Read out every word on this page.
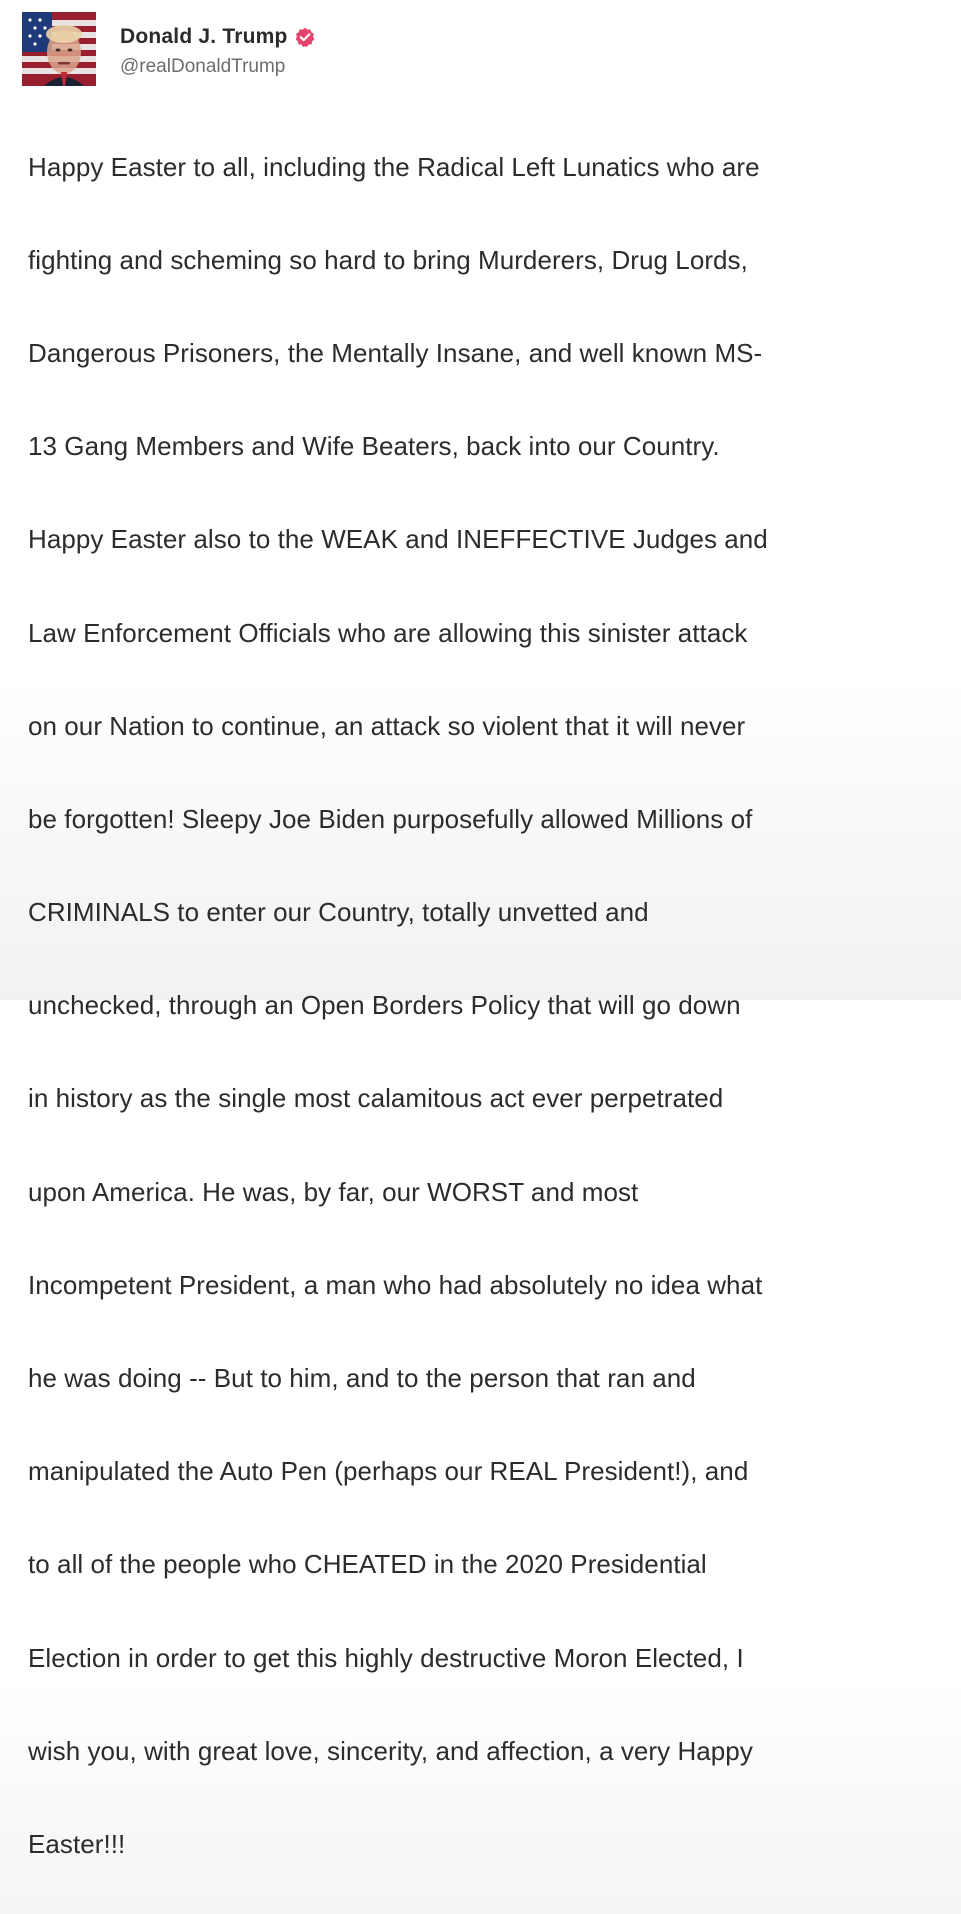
Donald J. Trump
@realDonaldTrump

Happy Easter to all, including the Radical Left Lunatics who are

fighting and scheming so hard to bring Murderers, Drug Lords,

Dangerous Prisoners, the Mentally Insane, and well known MS-

13 Gang Members and Wife Beaters, back into our Country.

Happy Easter also to the WEAK and INEFFECTIVE Judges and

Law Enforcement Officials who are allowing this sinister attack

on our Nation to continue, an attack so violent that it will never

be forgotten! Sleepy Joe Biden purposefully allowed Millions of

CRIMINALS to enter our Country, totally unvetted and

unchecked, through an Open Borders Policy that will go down

in history as the single most calamitous act ever perpetrated

upon America. He was, by far, our WORST and most

Incompetent President, a man who had absolutely no idea what

he was doing -- But to him, and to the person that ran and

manipulated the Auto Pen (perhaps our REAL President!), and

to all of the people who CHEATED in the 2020 Presidential

Election in order to get this highly destructive Moron Elected, I

wish you, with great love, sincerity, and affection, a very Happy

Easter!!!
